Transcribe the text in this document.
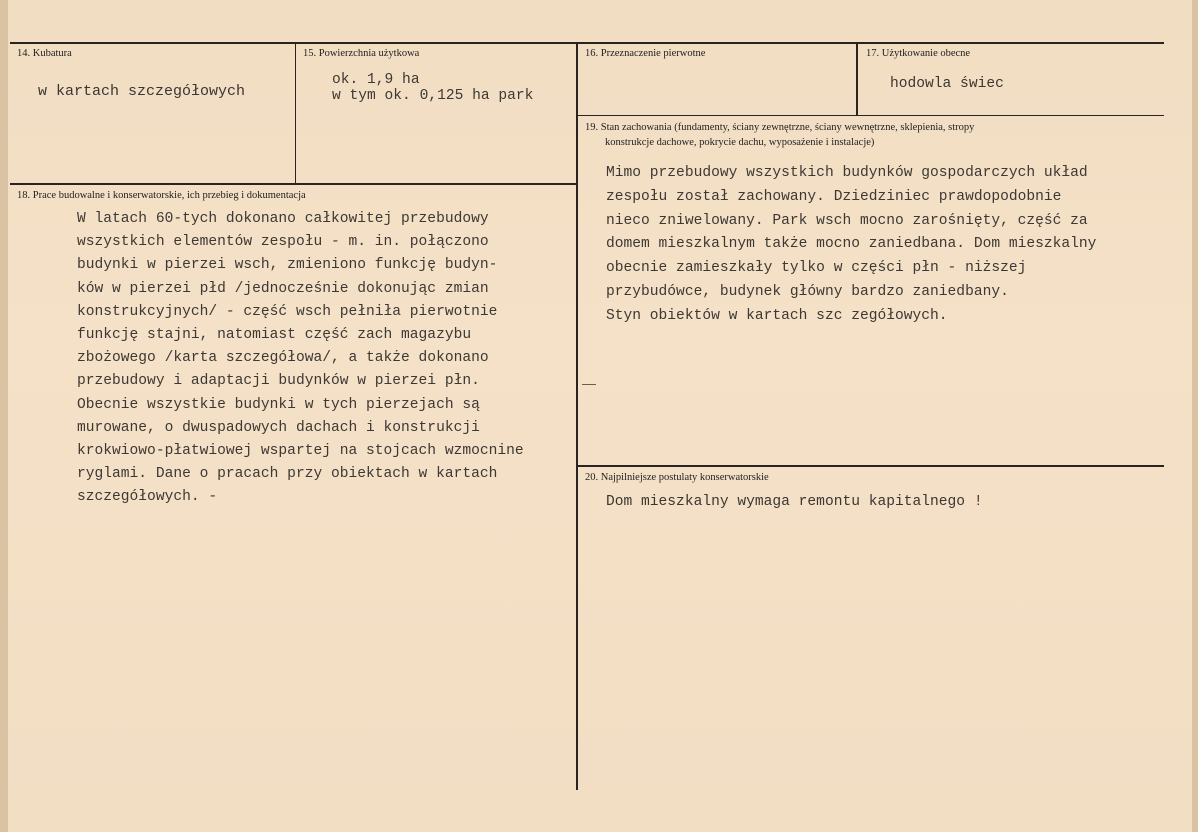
14. Kubatura
w kartach szczegółowych
15. Powierzchnia użytkowa
ok. 1,9 ha
w tym ok. 0,125 ha park
16. Przeznaczenie pierwotne	17. Użytkowanie obecne
hodowla świec
19. Stan zachowania (fundamenty, ściany zewnętrzne, ściany wewnętrzne, sklepienia, stropy
konstrukcje dachowe, pokrycie dachu, wyposażenie i instalacje)
Mimo przebudowy wszystkich budynków gospodarczych układ
zespołu został zachowany. Dziedziniec prawdopodobnie
nieco zniwelowany. Park wsch mocno zarośnięty, część za
domem mieszkalnym także mocno zaniedbana. Dom mieszkalny
obecnie zamieszkały tylko w części płn - niższej
przybudówce, budynek główny bardzo zaniedbany.
Styn obiektów w kartach szc zegółowych.
18. Prace budowalne i konserwatorskie, ich przebieg i dokumentacja
W latach 60-tych dokonano całkowitej przebudowy
wszystkich elementów zespołu - m. in. połączono
budynki w pierzei wsch, zmieniono funkcję budyn-
ków w pierzei płd /jednocześnie dokonując zmian
konstrukcyjnych/ - część wsch pełniła pierwotnie
funkcję stajni, natomiast część zach magazybu
zbożowego /karta szczegółowa/, a także dokonano
przebudowy i adaptacji budynków w pierzei płn.
Obecnie wszystkie budynki w tych pierzejach są
murowane, o dwuspadowych dachach i konstrukcji
krokwiowo-płatwiowej wspartej na stojcach wzmocnine
ryglami. Dane o pracach przy obiektach w kartach
szczegółowych. -
20. Najpilniejsze postulaty konserwatorskie
Dom mieszkalny wymaga remontu kapitalnego !
